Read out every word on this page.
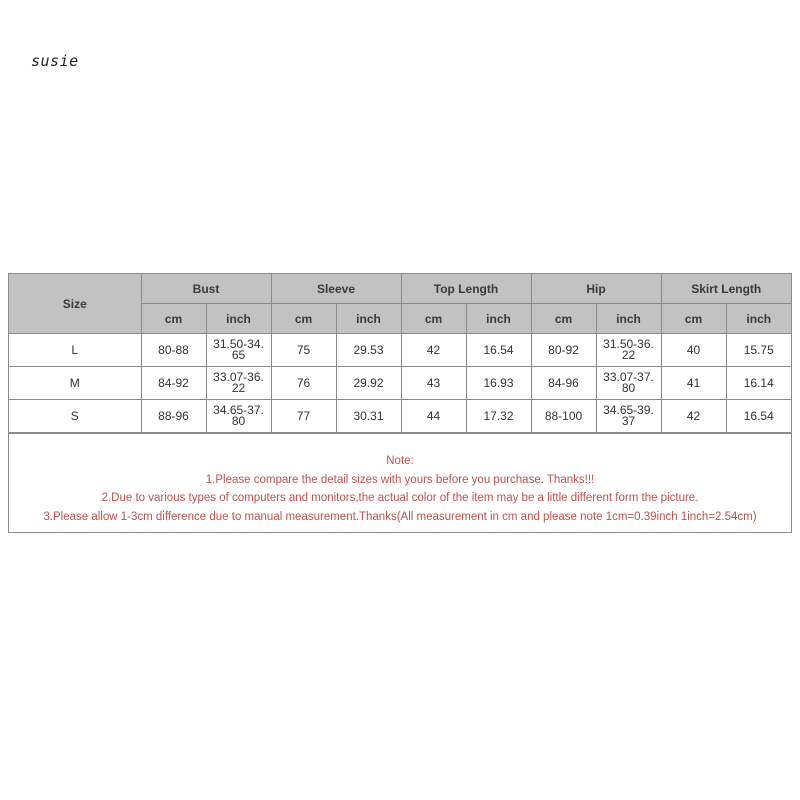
susie
Size	Bust		Sleeve		Top Length		Hip		Skirt Length	
	cm	inch	cm	inch	cm	inch	cm	inch	cm	inch
L	80-88	31.50-34.65	75	29.53	42	16.54	80-92	31.50-36.22	40	15.75
M	84-92	33.07-36.22	76	29.92	43	16.93	84-96	33.07-37.80	41	16.14
S	88-96	34.65-37.80	77	30.31	44	17.32	88-100	34.65-39.37	42	16.54
Note:
1.Please compare the detail sizes with yours before you purchase. Thanks!!!
2.Due to various types of computers and monitors,the actual color of the item may be a little different form the picture.
3.Please allow 1-3cm difference due to manual measurement.Thanks(All measurement in cm and please note 1cm=0.39inch 1inch=2.54cm)
